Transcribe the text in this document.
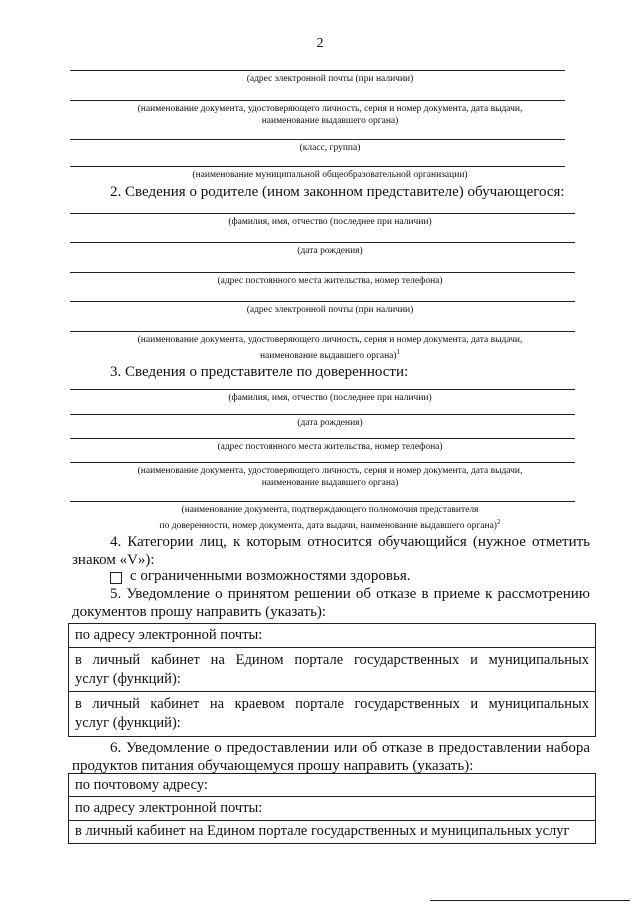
2
(адрес электронной почты (при наличии)
(наименование документа, удостоверяющего личность, серия и номер документа, дата выдачи,
наименование выдавшего органа)
(класс, группа)
(наименование муниципальной общеобразовательной организации)
2. Сведения о родителе (ином законном представителе) обучающегося:
(фамилия, имя, отчество (последнее при наличии)
(дата рождения)
(адрес постоянного места жительства, номер телефона)
(адрес электронной почты (при наличии)
(наименование документа, удостоверяющего личность, серия и номер документа, дата выдачи,
наименование выдавшего органа)$^1$
3. Сведения о представителе по доверенности:
(фамилия, имя, отчество (последнее при наличии)
(дата рождения)
(адрес постоянного места жительства, номер телефона)
(наименование документа, удостоверяющего личность, серия и номер документа, дата выдачи,
наименование выдавшего органа)
(наименование документа, подтверждающего полномочия представителя
по доверенности, номер документа, дата выдачи, наименование выдавшего органа)$^2$
4. Категории лиц, к которым относится обучающийся (нужное отметить
знаком «V»):
с ограниченными возможностями здоровья.
5. Уведомление о принятом решении об отказе в приеме к рассмотрению
документов прошу направить (указать):
по адресу электронной почты:
в личный кабинет на Едином портале государственных и муниципальных
услуг (функций):
в личный кабинет на краевом портале государственных и муниципальных
услуг (функций):
6. Уведомление о предоставлении или об отказе в предоставлении набора
продуктов питания обучающемуся прошу направить (указать):
по почтовому адресу:
по адресу электронной почты:
в личный кабинет на Едином портале государственных и муниципальных услуг
